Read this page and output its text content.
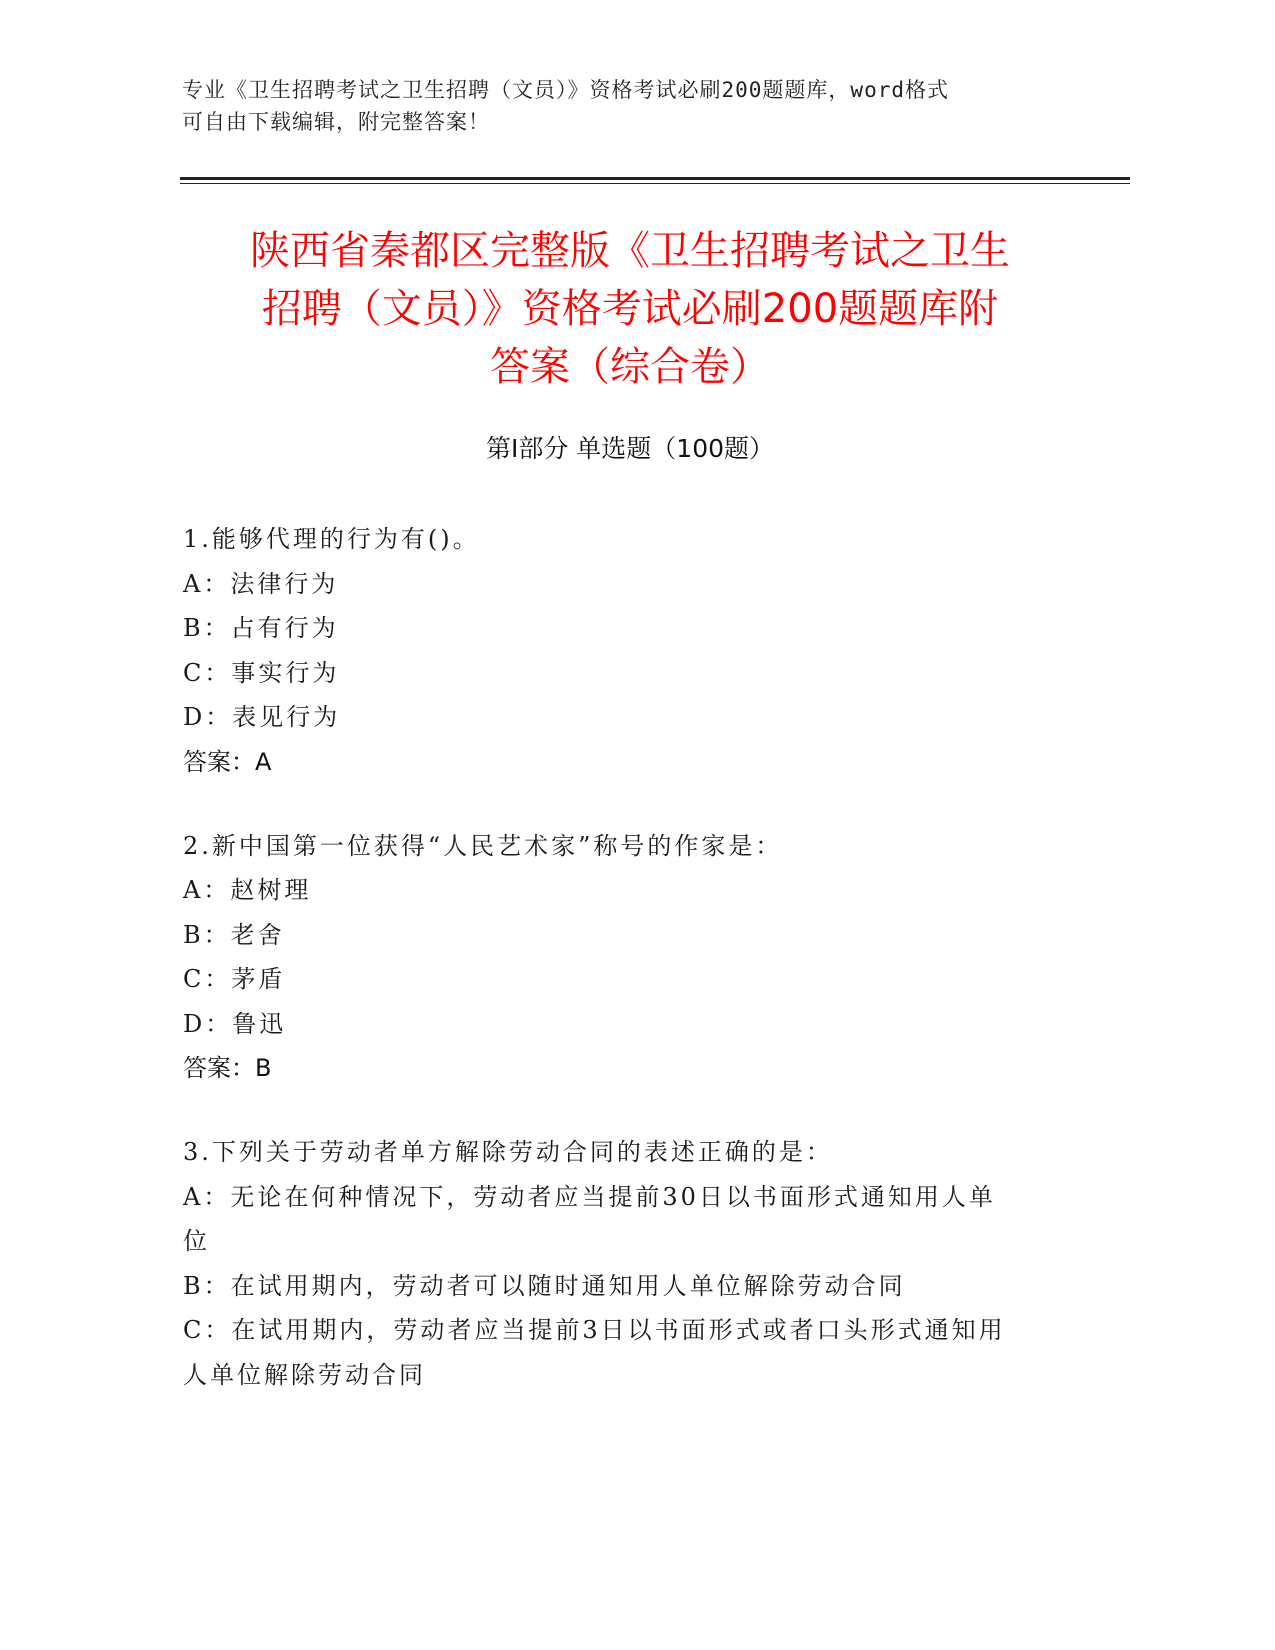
专业《卫生招聘考试之卫生招聘（文员）》资格考试必刷200题题库，word格式
可自由下载编辑，附完整答案！
陕西省秦都区完整版《卫生招聘考试之卫生
招聘（文员）》资格考试必刷200题题库附
答案（综合卷）
第Ⅰ部分 单选题（100题）
1.能够代理的行为有()。
A：法律行为
B：占有行为
C：事实行为
D：表见行为
答案：A
2.新中国第一位获得“人民艺术家”称号的作家是：
A：赵树理
B：老舍
C：茅盾
D：鲁迅
答案：B
3.下列关于劳动者单方解除劳动合同的表述正确的是：
A：无论在何种情况下，劳动者应当提前30日以书面形式通知用人单
位
B：在试用期内，劳动者可以随时通知用人单位解除劳动合同
C：在试用期内，劳动者应当提前3日以书面形式或者口头形式通知用
人单位解除劳动合同
